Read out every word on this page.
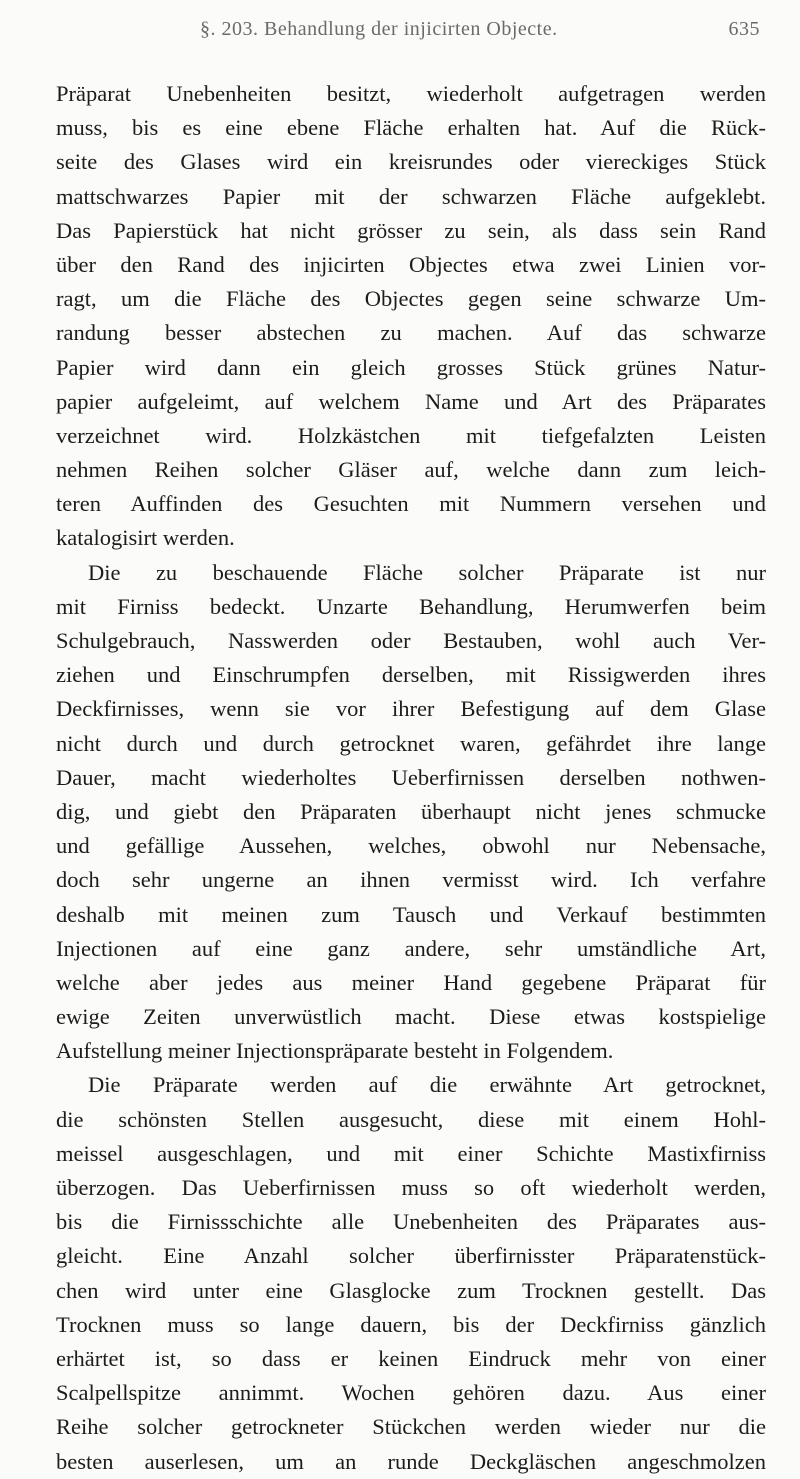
§. 203. Behandlung der injicirten Objecte.	635
Präparat Unebenheiten besitzt, wiederholt aufgetragen werden
muss, bis es eine ebene Fläche erhalten hat. Auf die Rück-
seite des Glases wird ein kreisrundes oder viereckiges Stück
mattschwarzes Papier mit der schwarzen Fläche aufgeklebt.
Das Papierstück hat nicht grösser zu sein, als dass sein Rand
über den Rand des injicirten Objectes etwa zwei Linien vor-
ragt, um die Fläche des Objectes gegen seine schwarze Um-
randung besser abstechen zu machen. Auf das schwarze
Papier wird dann ein gleich grosses Stück grünes Natur-
papier aufgeleimt, auf welchem Name und Art des Präparates
verzeichnet wird. Holzkästchen mit tiefgefalzten Leisten
nehmen Reihen solcher Gläser auf, welche dann zum leich-
teren Auffinden des Gesuchten mit Nummern versehen und
katalogisirt werden.
Die zu beschauende Fläche solcher Präparate ist nur
mit Firniss bedeckt. Unzarte Behandlung, Herumwerfen beim
Schulgebrauch, Nasswerden oder Bestauben, wohl auch Ver-
ziehen und Einschrumpfen derselben, mit Rissigwerden ihres
Deckfirnisses, wenn sie vor ihrer Befestigung auf dem Glase
nicht durch und durch getrocknet waren, gefährdet ihre lange
Dauer, macht wiederholtes Ueberfirnissen derselben nothwen-
dig, und giebt den Präparaten überhaupt nicht jenes schmucke
und gefällige Aussehen, welches, obwohl nur Nebensache,
doch sehr ungerne an ihnen vermisst wird. Ich verfahre
deshalb mit meinen zum Tausch und Verkauf bestimmten
Injectionen auf eine ganz andere, sehr umständliche Art,
welche aber jedes aus meiner Hand gegebene Präparat für
ewige Zeiten unverwüstlich macht. Diese etwas kostspielige
Aufstellung meiner Injectionspräparate besteht in Folgendem.
Die Präparate werden auf die erwähnte Art getrocknet,
die schönsten Stellen ausgesucht, diese mit einem Hohl-
meissel ausgeschlagen, und mit einer Schichte Mastixfirniss
überzogen. Das Ueberfirnissen muss so oft wiederholt werden,
bis die Firnissschichte alle Unebenheiten des Präparates aus-
gleicht. Eine Anzahl solcher überfirnisster Präparatenstück-
chen wird unter eine Glasglocke zum Trocknen gestellt. Das
Trocknen muss so lange dauern, bis der Deckfirniss gänzlich
erhärtet ist, so dass er keinen Eindruck mehr von einer
Scalpellspitze annimmt. Wochen gehören dazu. Aus einer
Reihe solcher getrockneter Stückchen werden wieder nur die
besten auserlesen, um an runde Deckgläschen angeschmolzen
